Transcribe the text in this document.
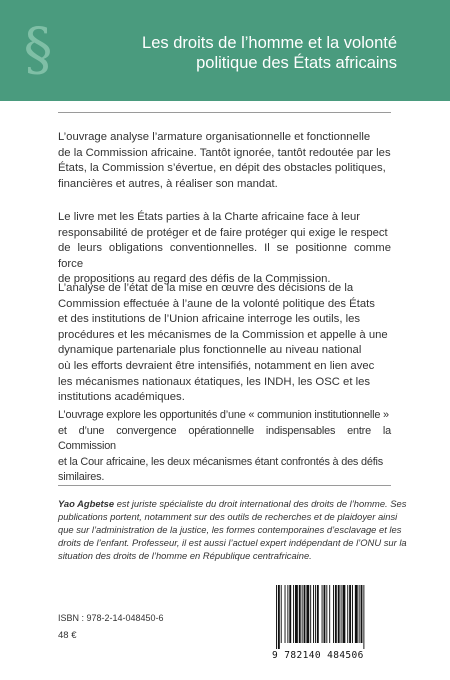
§	Les droits de l’homme et la volonté
politique des États africains
L’ouvrage analyse l’armature organisationnelle et fonctionnelle
de la Commission africaine. Tantôt ignorée, tantôt redoutée par les
États, la Commission s’évertue, en dépit des obstacles politiques,
financières et autres, à réaliser son mandat.
Le livre met les États parties à la Charte africaine face à leur
responsabilité de protéger et de faire protéger qui exige le respect
de leurs obligations conventionnelles. Il se positionne comme force
de propositions au regard des défis de la Commission.
L’analyse de l’état de la mise en œuvre des décisions de la
Commission effectuée à l’aune de la volonté politique des États
et des institutions de l’Union africaine interroge les outils, les
procédures et les mécanismes de la Commission et appelle à une
dynamique partenariale plus fonctionnelle au niveau national
où les efforts devraient être intensifiés, notamment en lien avec
les mécanismes nationaux étatiques, les INDH, les OSC et les
institutions académiques.
L’ouvrage explore les opportunités d’une « communion institutionnelle »
et d’une convergence opérationnelle indispensables entre la Commission
et la Cour africaine, les deux mécanismes étant confrontés à des défis
similaires.
Yao Agbetse est juriste spécialiste du droit international des droits de l’homme. Ses
publications portent, notamment sur des outils de recherches et de plaidoyer ainsi
que sur l’administration de la justice, les formes contemporaines d’esclavage et les
droits de l’enfant. Professeur, il est aussi l’actuel expert indépendant de l’ONU sur la
situation des droits de l’homme en République centrafricaine.
ISBN : 978-2-14-048450-6
48 €
9 782140 484506
